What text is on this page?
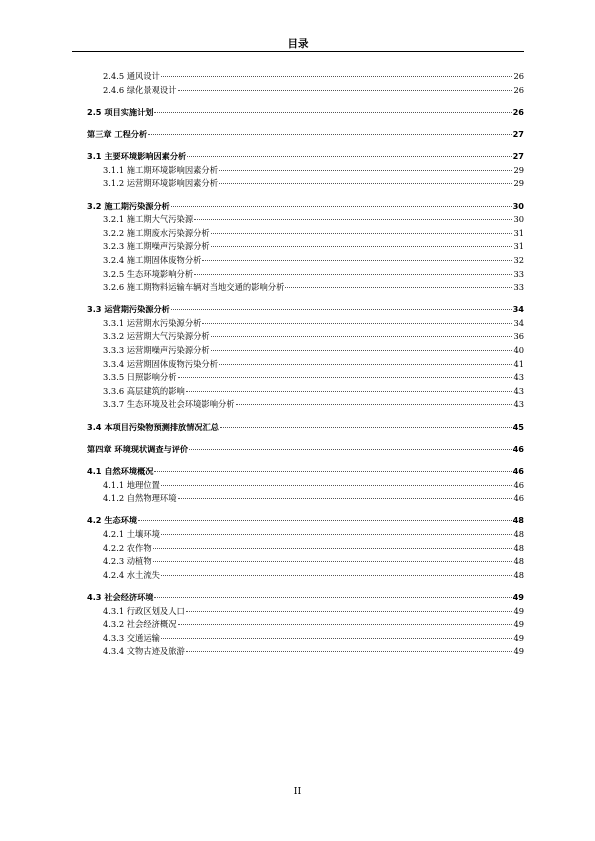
目录
2.4.5 通风设计	26
2.4.6 绿化景观设计	26
2.5 项目实施计划	26
第三章 工程分析	27
3.1 主要环境影响因素分析	27
3.1.1 施工期环境影响因素分析	29
3.1.2 运营期环境影响因素分析	29
3.2 施工期污染源分析	30
3.2.1 施工期大气污染源	30
3.2.2 施工期废水污染源分析	31
3.2.3 施工期噪声污染源分析	31
3.2.4 施工期固体废物分析	32
3.2.5 生态环境影响分析	33
3.2.6 施工期物料运输车辆对当地交通的影响分析	33
3.3 运营期污染源分析	34
3.3.1 运营期水污染源分析	34
3.3.2 运营期大气污染源分析	36
3.3.3 运营期噪声污染源分析	40
3.3.4 运营期固体废物污染分析	41
3.3.5 日照影响分析	43
3.3.6 高层建筑的影响	43
3.3.7 生态环境及社会环境影响分析	43
3.4 本项目污染物预测排放情况汇总	45
第四章 环境现状调查与评价	46
4.1 自然环境概况	46
4.1.1 地理位置	46
4.1.2 自然物理环境	46
4.2 生态环境	48
4.2.1 土壤环境	48
4.2.2 农作物	48
4.2.3 动植物	48
4.2.4 水土流失	48
4.3 社会经济环境	49
4.3.1 行政区划及人口	49
4.3.2 社会经济概况	49
4.3.3 交通运输	49
4.3.4 文物古迹及旅游	49
II
